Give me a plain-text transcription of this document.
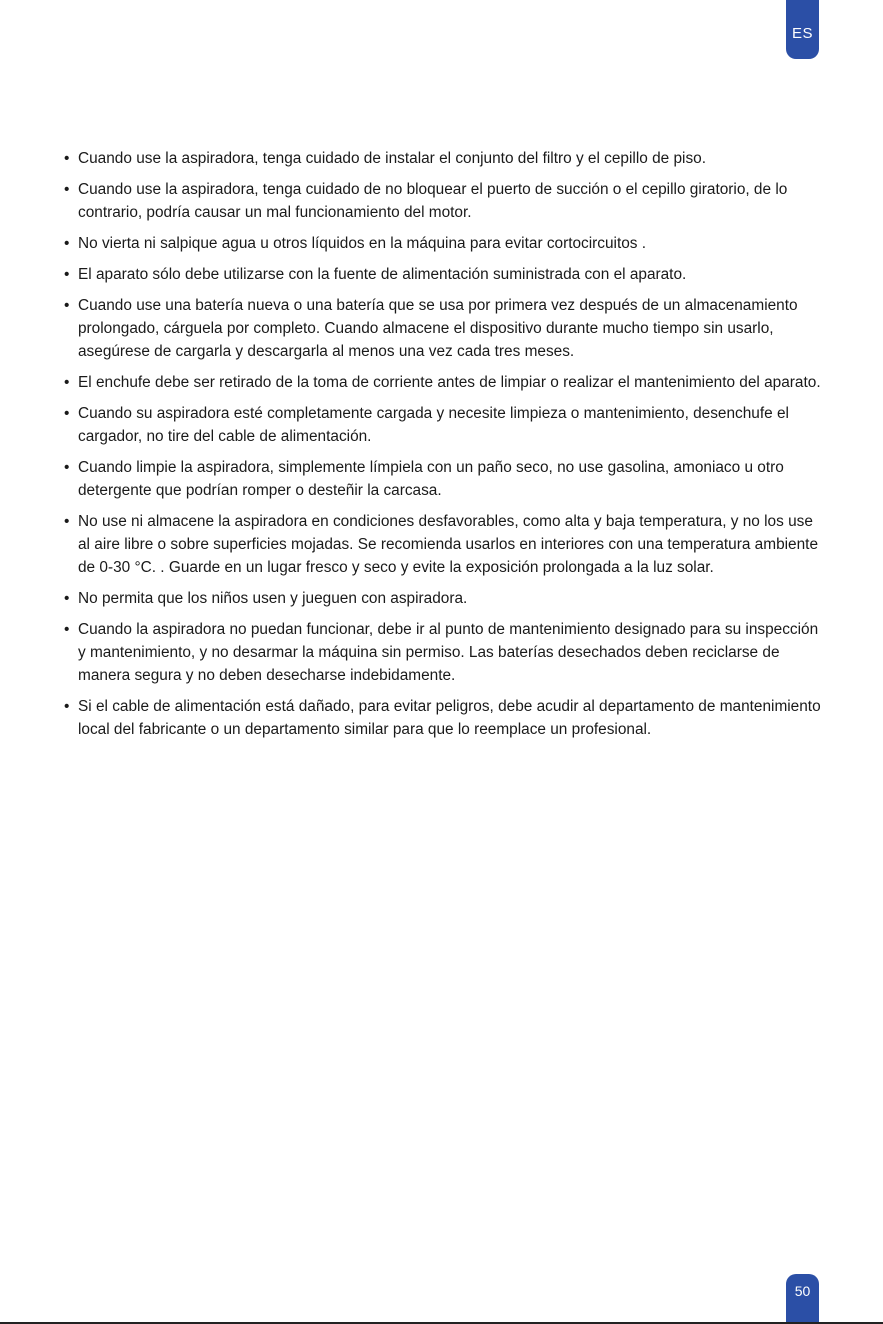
ES
• Cuando use la aspiradora, tenga cuidado de instalar el conjunto del filtro y el cepillo de piso.
• Cuando use la aspiradora, tenga cuidado de no bloquear el puerto de succión o el cepillo giratorio, de lo contrario, podría causar un mal funcionamiento del motor.
• No vierta ni salpique agua u otros líquidos en la máquina para evitar cortocircuitos .
• El aparato sólo debe utilizarse con la fuente de alimentación suministrada con el aparato.
• Cuando use una batería nueva o una batería que se usa por primera vez después de un almacenamiento prolongado, cárguela por completo. Cuando almacene el dispositivo durante mucho tiempo sin usarlo, asegúrese de cargarla y descargarla al menos una vez cada tres meses.
• El enchufe debe ser retirado de la toma de corriente antes de limpiar o realizar el mantenimiento del aparato.
• Cuando su aspiradora esté completamente cargada y necesite limpieza o mantenimiento, desenchufe el cargador, no tire del cable de alimentación.
• Cuando limpie la aspiradora, simplemente límpiela con un paño seco, no use gasolina, amoniaco u otro detergente que podrían romper o desteñir la carcasa.
• No use ni almacene la aspiradora en condiciones desfavorables, como alta y baja temperatura, y no los use al aire libre o sobre superficies mojadas. Se recomienda usarlos en interiores con una temperatura ambiente de 0-30 °C. . Guarde en un lugar fresco y seco y evite la exposición prolongada a la luz solar.
• No permita que los niños usen y jueguen con aspiradora.
• Cuando la aspiradora no puedan funcionar, debe ir al punto de mantenimiento designado para su inspección y mantenimiento, y no desarmar la máquina sin permiso. Las baterías desechados deben reciclarse de manera segura y no deben desecharse indebidamente.
• Si el cable de alimentación está dañado, para evitar peligros, debe acudir al departamento de mantenimiento local del fabricante o un departamento similar para que lo reemplace un profesional.
50
